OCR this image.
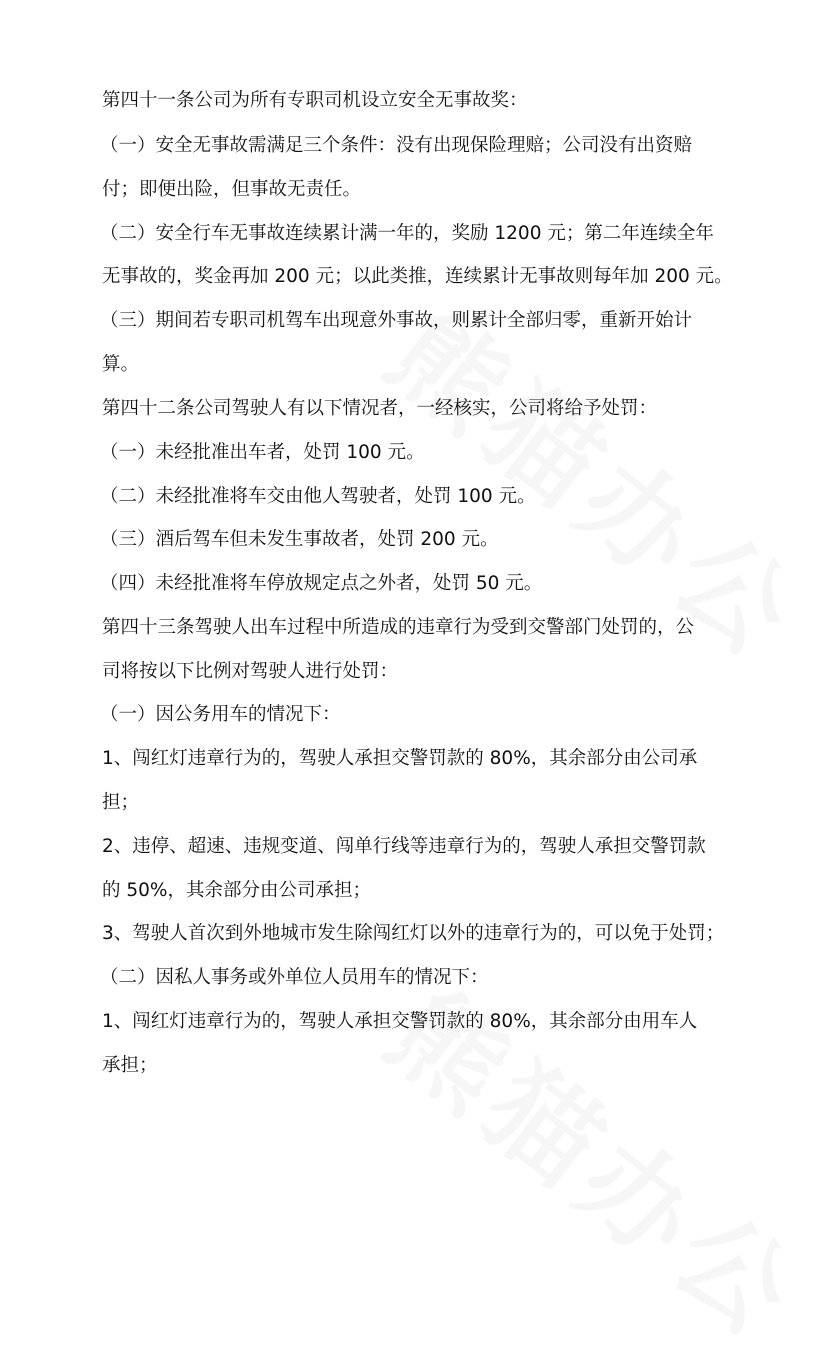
第四十一条公司为所有专职司机设立安全无事故奖：
（一）安全无事故需满足三个条件：没有出现保险理赔；公司没有出资赔
付；即便出险，但事故无责任。
（二）安全行车无事故连续累计满一年的，奖励 1200 元；第二年连续全年
无事故的，奖金再加 200 元；以此类推，连续累计无事故则每年加 200 元。
（三）期间若专职司机驾车出现意外事故，则累计全部归零，重新开始计
算。
第四十二条公司驾驶人有以下情况者，一经核实，公司将给予处罚：
（一）未经批准出车者，处罚 100 元。
（二）未经批准将车交由他人驾驶者，处罚 100 元。
（三）酒后驾车但未发生事故者，处罚 200 元。
（四）未经批准将车停放规定点之外者，处罚 50 元。
第四十三条驾驶人出车过程中所造成的违章行为受到交警部门处罚的，公
司将按以下比例对驾驶人进行处罚：
（一）因公务用车的情况下：
1、闯红灯违章行为的，驾驶人承担交警罚款的 80%，其余部分由公司承
担；
2、违停、超速、违规变道、闯单行线等违章行为的，驾驶人承担交警罚款
的 50%，其余部分由公司承担；
3、驾驶人首次到外地城市发生除闯红灯以外的违章行为的，可以免于处罚；
（二）因私人事务或外单位人员用车的情况下：
1、闯红灯违章行为的，驾驶人承担交警罚款的 80%，其余部分由用车人
承担；
